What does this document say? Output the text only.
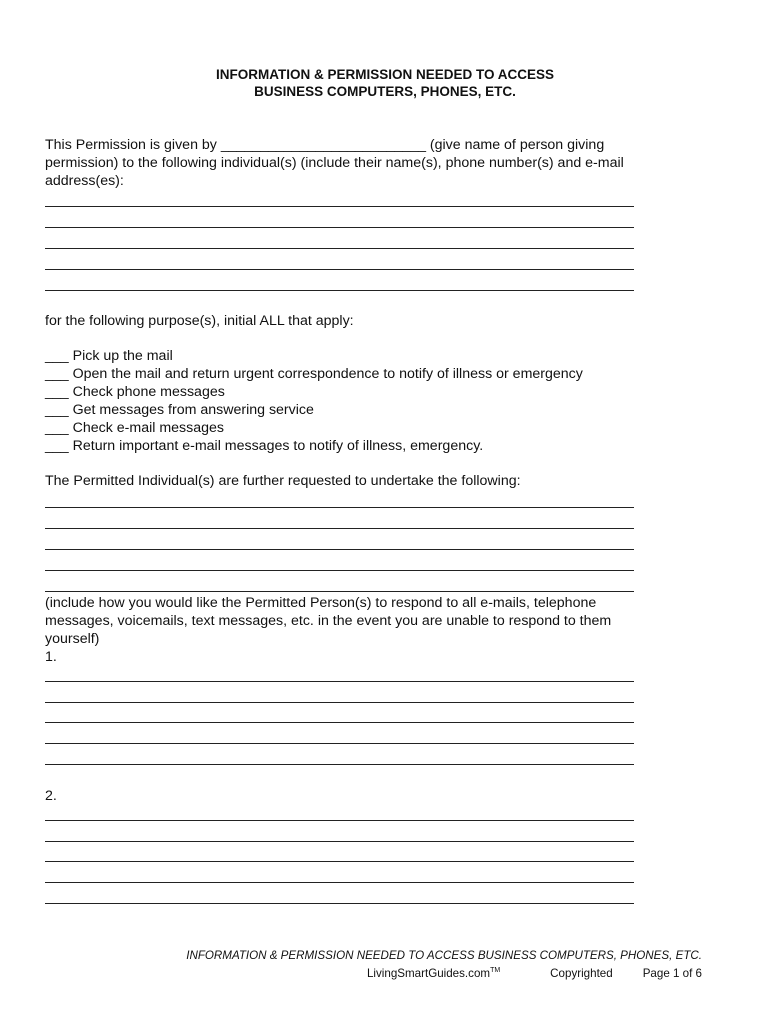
INFORMATION & PERMISSION NEEDED TO ACCESS
BUSINESS COMPUTERS, PHONES, ETC.
This Permission is given by __________________________ (give name of person giving
permission) to the following individual(s) (include their name(s), phone number(s) and e-mail
address(es):
for the following purpose(s), initial ALL that apply:
___ Pick up the mail
___ Open the mail and return urgent correspondence to notify of illness or emergency
___ Check phone messages
___ Get messages from answering service
___ Check e-mail messages
___ Return important e-mail messages to notify of illness, emergency.
The Permitted Individual(s) are further requested to undertake the following:
(include how you would like the Permitted Person(s) to respond to all e-mails, telephone
messages, voicemails, text messages, etc. in the event you are unable to respond to them
yourself)
1.
2.
INFORMATION & PERMISSION NEEDED TO ACCESS BUSINESS COMPUTERS, PHONES, ETC.
LivingSmartGuides.com™	Copyrighted	Page 1 of 6
